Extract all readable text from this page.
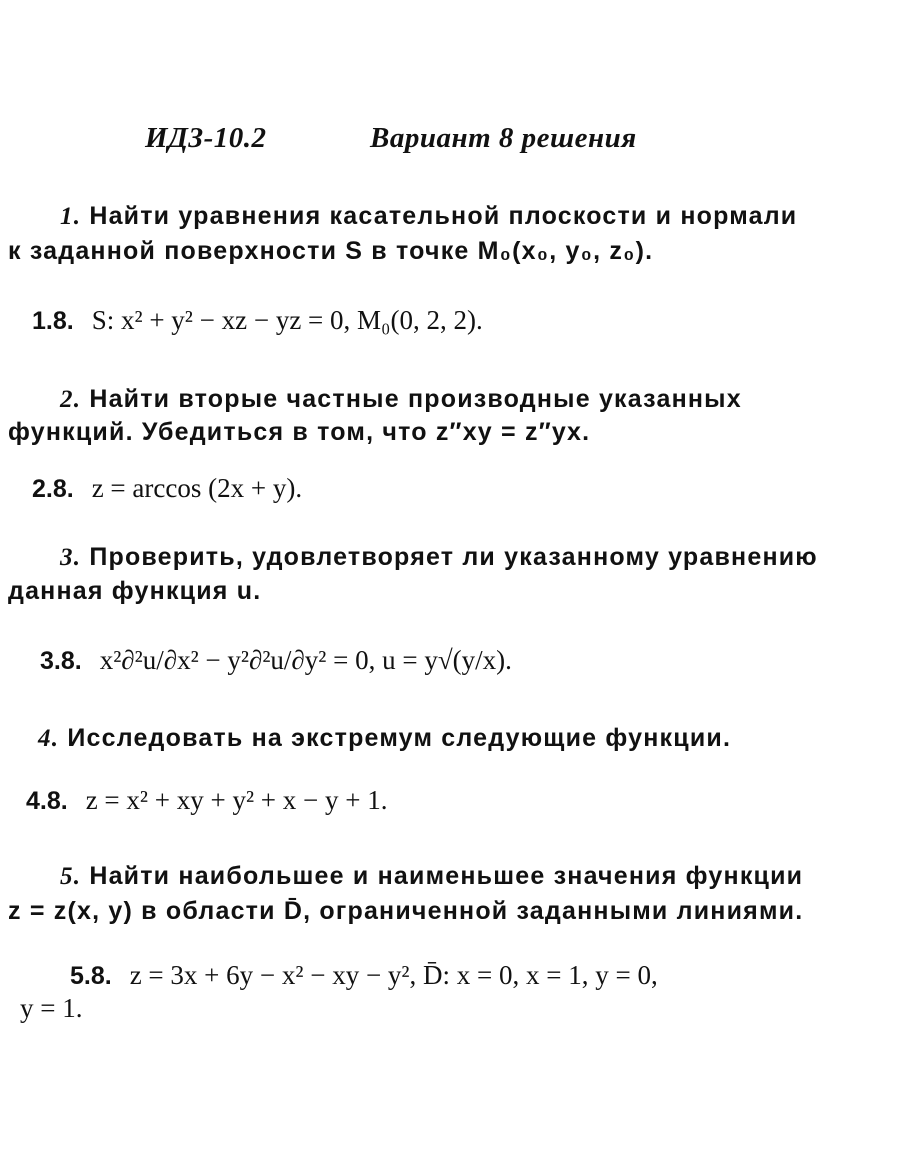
ИДЗ-10.2	Вариант 8 решения
1. Найти уравнения касательной плоскости и нормали
к заданной поверхности S в точке M₀(x₀, y₀, z₀).
1.8. S: x² + y² − xz − yz = 0, M₀(0, 2, 2).
2. Найти вторые частные производные указанных
функций. Убедиться в том, что z″xy = z″yx.
2.8. z = arccos (2x + y).
3. Проверить, удовлетворяет ли указанному уравнению
данная функция u.
3.8. x²∂²u/∂x² − y²∂²u/∂y² = 0, u = y√(y/x).
4. Исследовать на экстремум следующие функции.
4.8. z = x² + xy + y² + x − y + 1.
5. Найти наибольшее и наименьшее значения функции
z = z(x, y) в области D̄, ограниченной заданными линиями.
5.8. z = 3x + 6y − x² − xy − y², D̄: x = 0, x = 1, y = 0,
y = 1.
